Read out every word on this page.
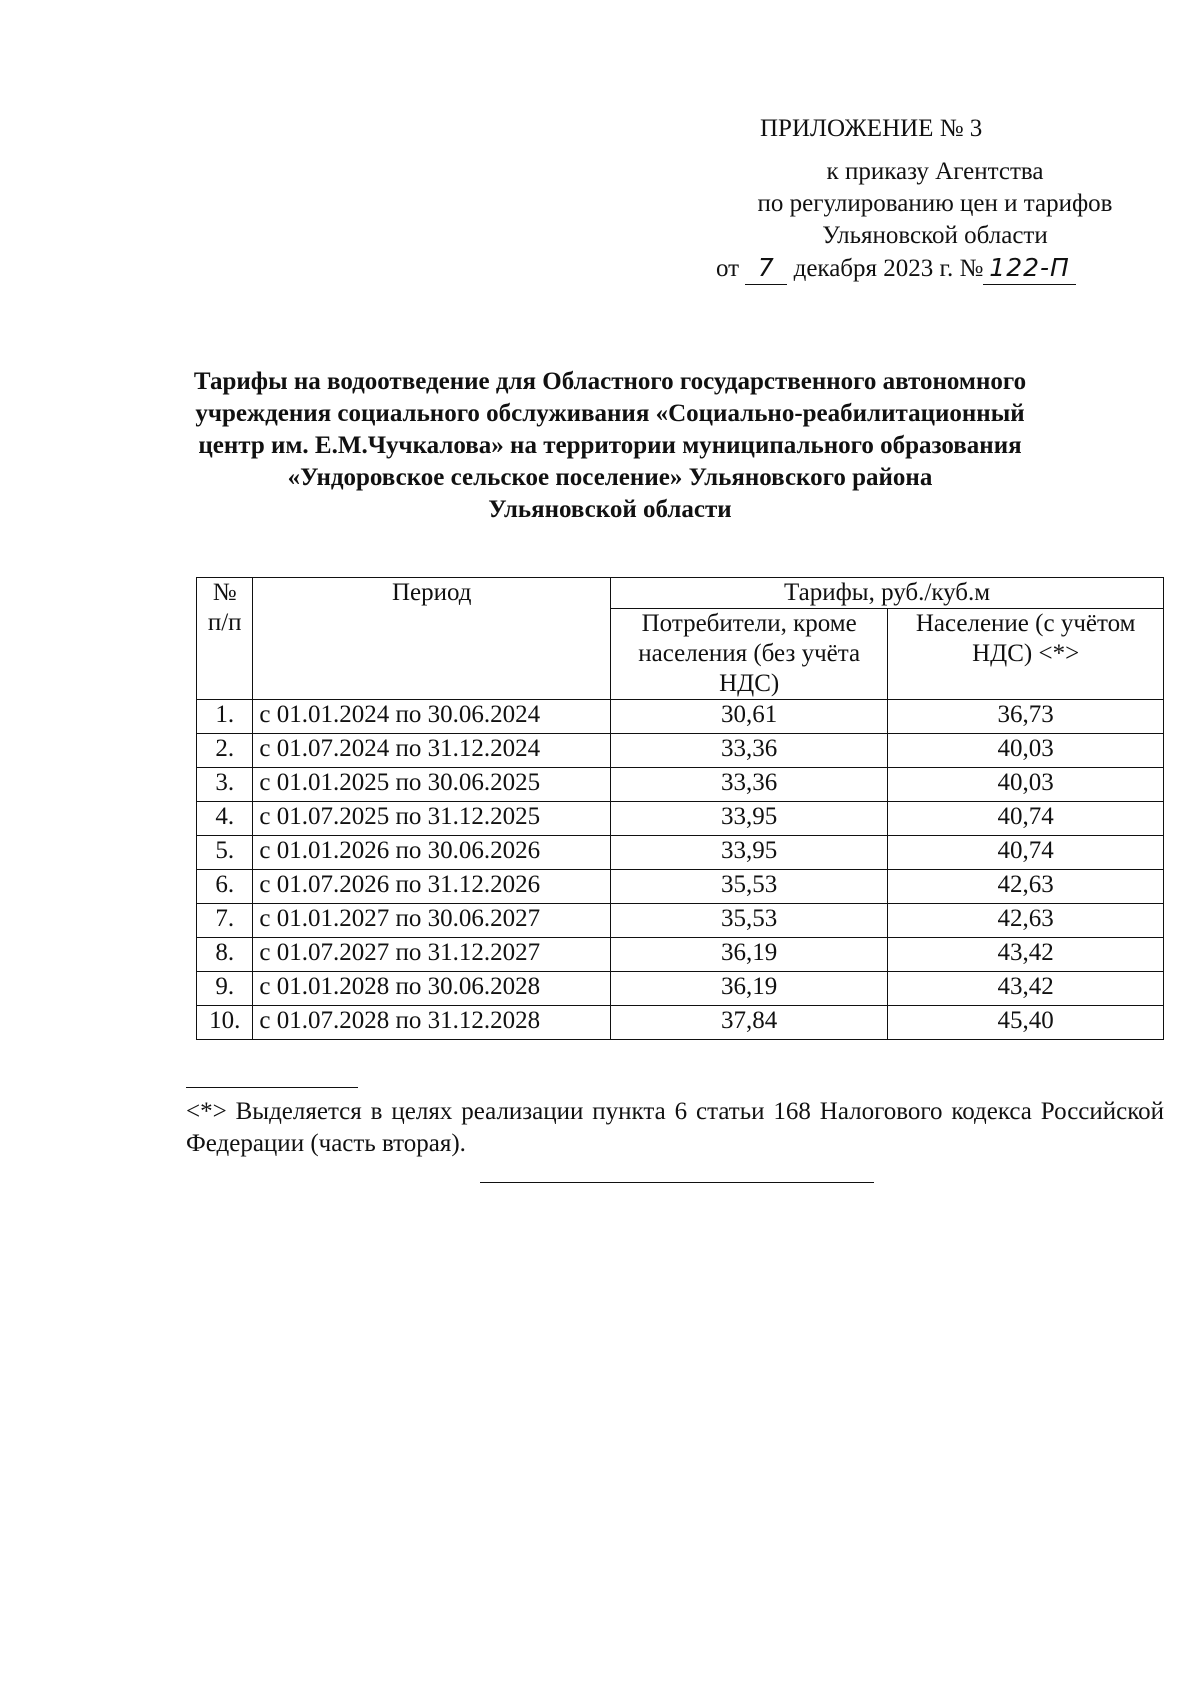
ПРИЛОЖЕНИЕ № 3
к приказу Агентства
по регулированию цен и тарифов
Ульяновской области
от 7 декабря 2023 г. № 122-П
Тарифы на водоотведение для Областного государственного автономного
учреждения социального обслуживания «Социально-реабилитационный
центр им. Е.М.Чучкалова» на территории муниципального образования
«Ундоровское сельское поселение» Ульяновского района
Ульяновской области
№ п/п	Период	Тарифы, руб./куб.м	
		Потребители, кроме населения (без учёта НДС)	Население (с учётом НДС) <*>
1.	с 01.01.2024 по 30.06.2024	30,61	36,73
2.	с 01.07.2024 по 31.12.2024	33,36	40,03
3.	с 01.01.2025 по 30.06.2025	33,36	40,03
4.	с 01.07.2025 по 31.12.2025	33,95	40,74
5.	с 01.01.2026 по 30.06.2026	33,95	40,74
6.	с 01.07.2026 по 31.12.2026	35,53	42,63
7.	с 01.01.2027 по 30.06.2027	35,53	42,63
8.	с 01.07.2027 по 31.12.2027	36,19	43,42
9.	с 01.01.2028 по 30.06.2028	36,19	43,42
10.	с 01.07.2028 по 31.12.2028	37,84	45,40
<*> Выделяется в целях реализации пункта 6 статьи 168 Налогового кодекса Российской Федерации (часть вторая).
